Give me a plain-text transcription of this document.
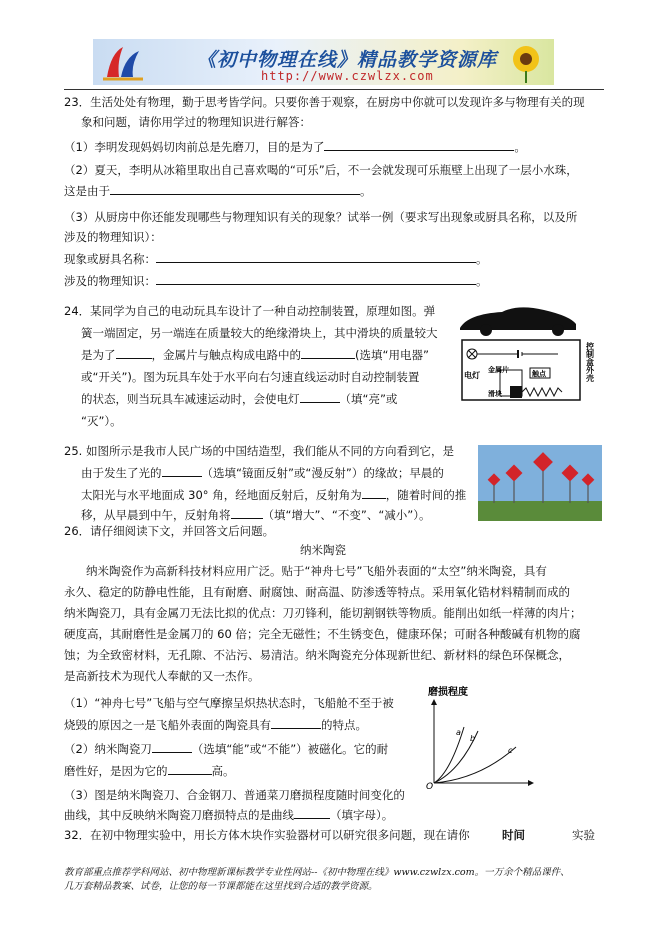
《初中物理在线》精品教学资源库
http://www.czwlzx.com
23．生活处处有物理，勤于思考皆学问。只要你善于观察，在厨房中你就可以发现许多与物理有关的现
象和问题，请你用学过的物理知识进行解答：
（1）李明发现妈妈切肉前总是先磨刀，目的是为了	。
（2）夏天，李明从冰箱里取出自己喜欢喝的“可乐”后，不一会就发现可乐瓶壁上出现了一层小水珠，
这是由于	。
（3）从厨房中你还能发现哪些与物理知识有关的现象？试举一例（要求写出现象或厨具名称，以及所
涉及的物理知识）：
现象或厨具名称：	。
涉及的物理知识：	。
24．某同学为自己的电动玩具车设计了一种自动控制装置，原理如图。弹
簧一端固定，另一端连在质量较大的绝缘滑块上，其中滑块的质量较大
是为了	，金属片与触点构成电路中的	(选填“用电器”
或“开关”)。图为玩具车处于水平向右匀速直线运动时自动控制装置
的状态，则当玩具车减速运动时，会使电灯	（填“亮”或
“灭”）。
电灯
金属片	触点
滑块
控制盒外壳
25. 如图所示是我市人民广场的中国结造型，我们能从不同的方向看到它，是
由于发生了光的	（选填“镜面反射”或“漫反射”）的缘故；早晨的
太阳光与水平地面成 30° 角，经地面反射后，反射角为 ，随着时间的推
移，从早晨到中午，反射角将	（填“增大”、“不变”、“减小”）。
26．请仔细阅读下文，并回答文后问题。
纳米陶瓷
纳米陶瓷作为高新科技材料应用广泛。贴于“神舟七号”飞船外表面的“太空”纳米陶瓷，具有
永久、稳定的防静电性能，且有耐磨、耐腐蚀、耐高温、防渗透等特点。采用氧化锆材料精制而成的
纳米陶瓷刀，具有金属刀无法比拟的优点：刀刃锋利，能切割钢铁等物质。能削出如纸一样薄的肉片；
硬度高，其耐磨性是金属刀的 60 倍；完全无磁性；不生锈变色，健康环保；可耐各种酸碱有机物的腐
蚀；为全致密材料，无孔隙、不沾污、易清洁。纳米陶瓷充分体现新世纪、新材料的绿色环保概念，
是高新技术为现代人奉献的又一杰作。
（1）“神舟七号”飞船与空气摩擦呈炽热状态时，飞船舱不至于被
烧毁的原因之一是飞船外表面的陶瓷具有	的特点。
（2）纳米陶瓷刀	（选填“能”或“不能”）被磁化。它的耐
磨性好，是因为它的	高。
（3）图是纳米陶瓷刀、合金钢刀、普通菜刀磨损程度随时间变化的
曲线，其中反映纳米陶瓷刀磨损特点的是曲线	（填字母）。
磨损程度
O
a
b
c
32．在初中物理实验中，用长方体木块作实验器材可以研究很多问题，现在请你	时间	实验
教育部重点推荐学科网站、初中物理新课标教学专业性网站--《初中物理在线》www.czwlzx.com。一万余个精品课件、
几万套精品教案、试卷，让您的每一节课都能在这里找到合适的教学资源。
